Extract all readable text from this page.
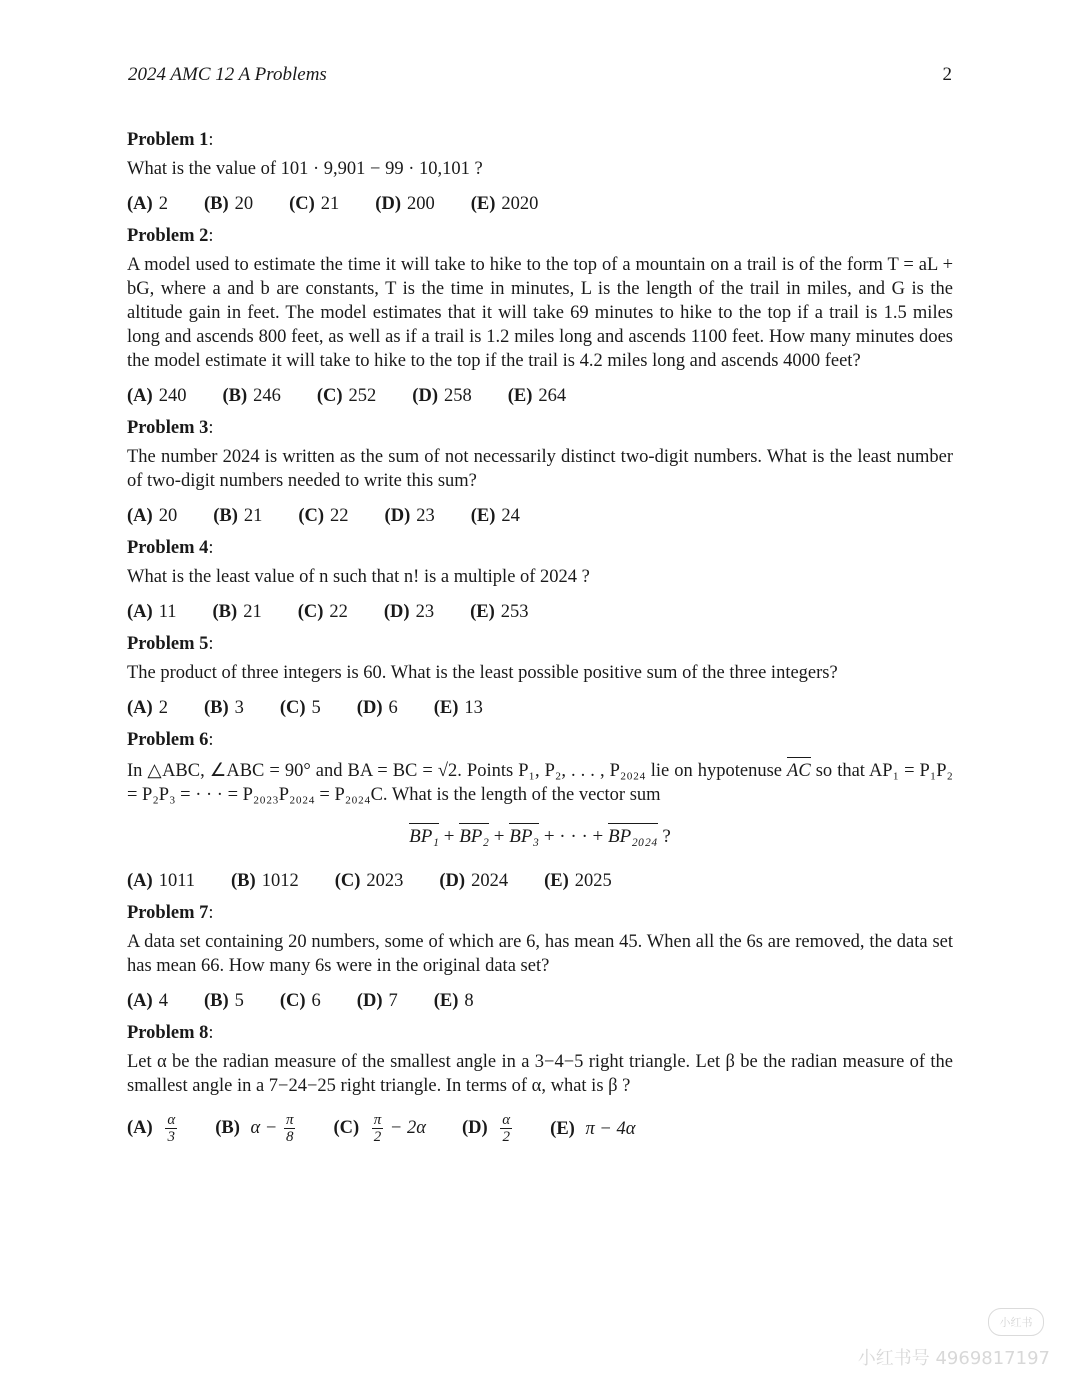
2024 AMC 12 A Problems	2
Problem 1:
What is the value of 101 · 9,901 − 99 · 10,101 ?
(A) 2 (B) 20 (C) 21 (D) 200 (E) 2020
Problem 2:
A model used to estimate the time it will take to hike to the top of a mountain on a trail is of the form T = aL + bG, where a and b are constants, T is the time in minutes, L is the length of the trail in miles, and G is the altitude gain in feet. The model estimates that it will take 69 minutes to hike to the top if a trail is 1.5 miles long and ascends 800 feet, as well as if a trail is 1.2 miles long and ascends 1100 feet. How many minutes does the model estimate it will take to hike to the top if the trail is 4.2 miles long and ascends 4000 feet?
(A) 240 (B) 246 (C) 252 (D) 258 (E) 264
Problem 3:
The number 2024 is written as the sum of not necessarily distinct two-digit numbers. What is the least number of two-digit numbers needed to write this sum?
(A) 20 (B) 21 (C) 22 (D) 23 (E) 24
Problem 4:
What is the least value of n such that n! is a multiple of 2024 ?
(A) 11 (B) 21 (C) 22 (D) 23 (E) 253
Problem 5:
The product of three integers is 60. What is the least possible positive sum of the three integers?
(A) 2 (B) 3 (C) 5 (D) 6 (E) 13
Problem 6:
In △ABC, ∠ABC = 90° and BA = BC = √2. Points P₁, P₂, . . . , P₂₀₂₄ lie on hypotenuse AC so that AP₁ = P₁P₂ = P₂P₃ = · · · = P₂₀₂₃P₂₀₂₄ = P₂₀₂₄C. What is the length of the vector sum
BP₁ + BP₂ + BP₃ + · · · + BP₂₀₂₄ ?
(A) 1011 (B) 1012 (C) 2023 (D) 2024 (E) 2025
Problem 7:
A data set containing 20 numbers, some of which are 6, has mean 45. When all the 6s are removed, the data set has mean 66. How many 6s were in the original data set?
(A) 4 (B) 5 (C) 6 (D) 7 (E) 8
Problem 8:
Let α be the radian measure of the smallest angle in a 3−4−5 right triangle. Let β be the radian measure of the smallest angle in a 7−24−25 right triangle. In terms of α, what is β ?
$(A) \frac{\alpha}{3} (B) \alpha - \frac{\pi}{8} (C) \frac{\pi}{2} - 2\alpha$ $(D) \frac{\alpha}{2} (E) \pi - 4\alpha$
小红书
小红书号 4969817197
